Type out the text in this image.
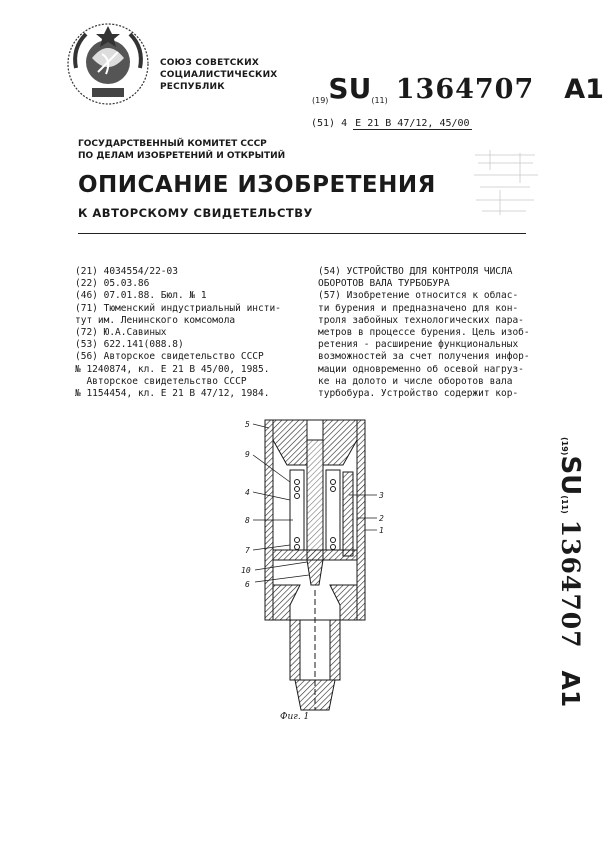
СОЮЗ СОВЕТСКИХ
СОЦИАЛИСТИЧЕСКИХ
РЕСПУБЛИК
(19)SU(11) 1364707 A1
(51) 4 E 21 B 47/12, 45/00
ГОСУДАРСТВЕННЫЙ КОМИТЕТ СССР
ПО ДЕЛАМ ИЗОБРЕТЕНИЙ И ОТКРЫТИЙ
ОПИСАНИЕ ИЗОБРЕТЕНИЯ
К АВТОРСКОМУ СВИДЕТЕЛЬСТВУ
(21) 4034554/22-03
(22) 05.03.86
(46) 07.01.88. Бюл. № 1
(71) Тюменский индустриальный инсти-
тут им. Ленинского комсомола
(72) Ю.А.Савиных
(53) 622.141(088.8)
(56) Авторское свидетельство СССР
№ 1240874, кл. Е 21 В 45/00, 1985.
Авторское свидетельство СССР
№ 1154454, кл. Е 21 В 47/12, 1984.
(54) УСТРОЙСТВО ДЛЯ КОНТРОЛЯ ЧИСЛА
ОБОРОТОВ ВАЛА ТУРБОБУРА
(57) Изобретение относится к облас-
ти бурения и предназначено для кон-
троля забойных технологических пара-
метров в процессе бурения. Цель изоб-
ретения - расширение функциональных
возможностей за счет получения инфор-
мации одновременно об осевой нагруз-
ке на долото и числе оборотов вала
турбобура. Устройство содержит кор-
(19)SU(11)1364707A1
5
9
4
8
7
10
6
3
2
1
Фиг. 1
